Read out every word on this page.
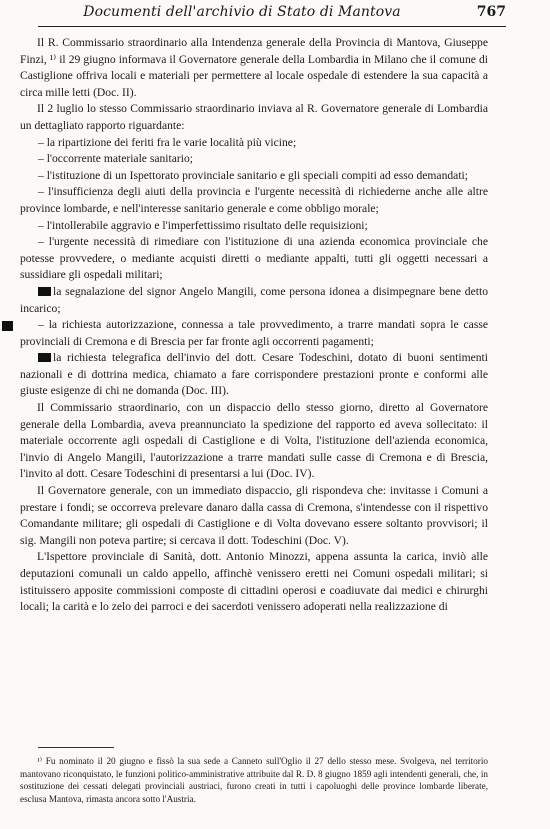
Documenti dell'archivio di Stato di Mantova	767

Il R. Commissario straordinario alla Intendenza generale della Provincia di Mantova, Giuseppe Finzi, ¹⁾ il 29 giugno informava il Governatore generale della Lombardia in Milano che il comune di Castiglione offriva locali e materiali per permettere al locale ospedale di estendere la sua capacità a circa mille letti (Doc. II).

Il 2 luglio lo stesso Commissario straordinario inviava al R. Governatore generale di Lombardia un dettagliato rapporto riguardante:

– la ripartizione dei feriti fra le varie località più vicine;

– l'occorrente materiale sanitario;

– l'istituzione di un Ispettorato provinciale sanitario e gli speciali compiti ad esso demandati;

– l'insufficienza degli aiuti della provincia e l'urgente necessità di richiederne anche alle altre province lombarde, e nell'interesse sanitario generale e come obbligo morale;

– l'intollerabile aggravio e l'imperfettissimo risultato delle requisizioni;

– l'urgente necessità di rimediare con l'istituzione di una azienda economica provinciale che potesse provvedere, o mediante acquisti diretti o mediante appalti, tutti gli oggetti necessari a sussidiare gli ospedali militari;

la segnalazione del signor Angelo Mangili, come persona idonea a disimpegnare bene detto incarico;

– la richiesta autorizzazione, connessa a tale provvedimento, a trarre mandati sopra le casse provinciali di Cremona e di Brescia per far fronte agli occorrenti pagamenti;

la richiesta telegrafica dell'invio del dott. Cesare Todeschini, dotato di buoni sentimenti nazionali e di dottrina medica, chiamato a fare corrispondere prestazioni pronte e conformi alle giuste esigenze di chi ne domanda (Doc. III).

Il Commissario straordinario, con un dispaccio dello stesso giorno, diretto al Governatore generale della Lombardia, aveva preannunciato la spedizione del rapporto ed aveva sollecitato: il materiale occorrente agli ospedali di Castiglione e di Volta, l'istituzione dell'azienda economica, l'invio di Angelo Mangili, l'autorizzazione a trarre mandati sulle casse di Cremona e di Brescia, l'invito al dott. Cesare Todeschini di presentarsi a lui (Doc. IV).

Il Governatore generale, con un immediato dispaccio, gli rispondeva che: invitasse i Comuni a prestare i fondi; se occorreva prelevare danaro dalla cassa di Cremona, s'intendesse con il rispettivo Comandante militare; gli ospedali di Castiglione e di Volta dovevano essere soltanto provvisori; il sig. Mangili non poteva partire; si cercava il dott. Todeschini (Doc. V).

L'Ispettore provinciale di Sanità, dott. Antonio Minozzi, appena assunta la carica, inviò alle deputazioni comunali un caldo appello, affinchè venissero eretti nei Comuni ospedali militari; si istituissero apposite commissioni composte di cittadini operosi e coadiuvate dai medici e chirurghi locali; la carità e lo zelo dei parroci e dei sacerdoti venissero adoperati nella realizzazione di

¹⁾ Fu nominato il 20 giugno e fissò la sua sede a Canneto sull'Oglio il 27 dello stesso mese. Svolgeva, nel territorio mantovano riconquistato, le funzioni politico-amministrative attribuite dal R. D. 8 giugno 1859 agli intendenti generali, che, in sostituzione dei cessati delegati provinciali austriaci, furono creati in tutti i capoluoghi delle province lombarde liberate, esclusa Mantova, rimasta ancora sotto l'Austria.
